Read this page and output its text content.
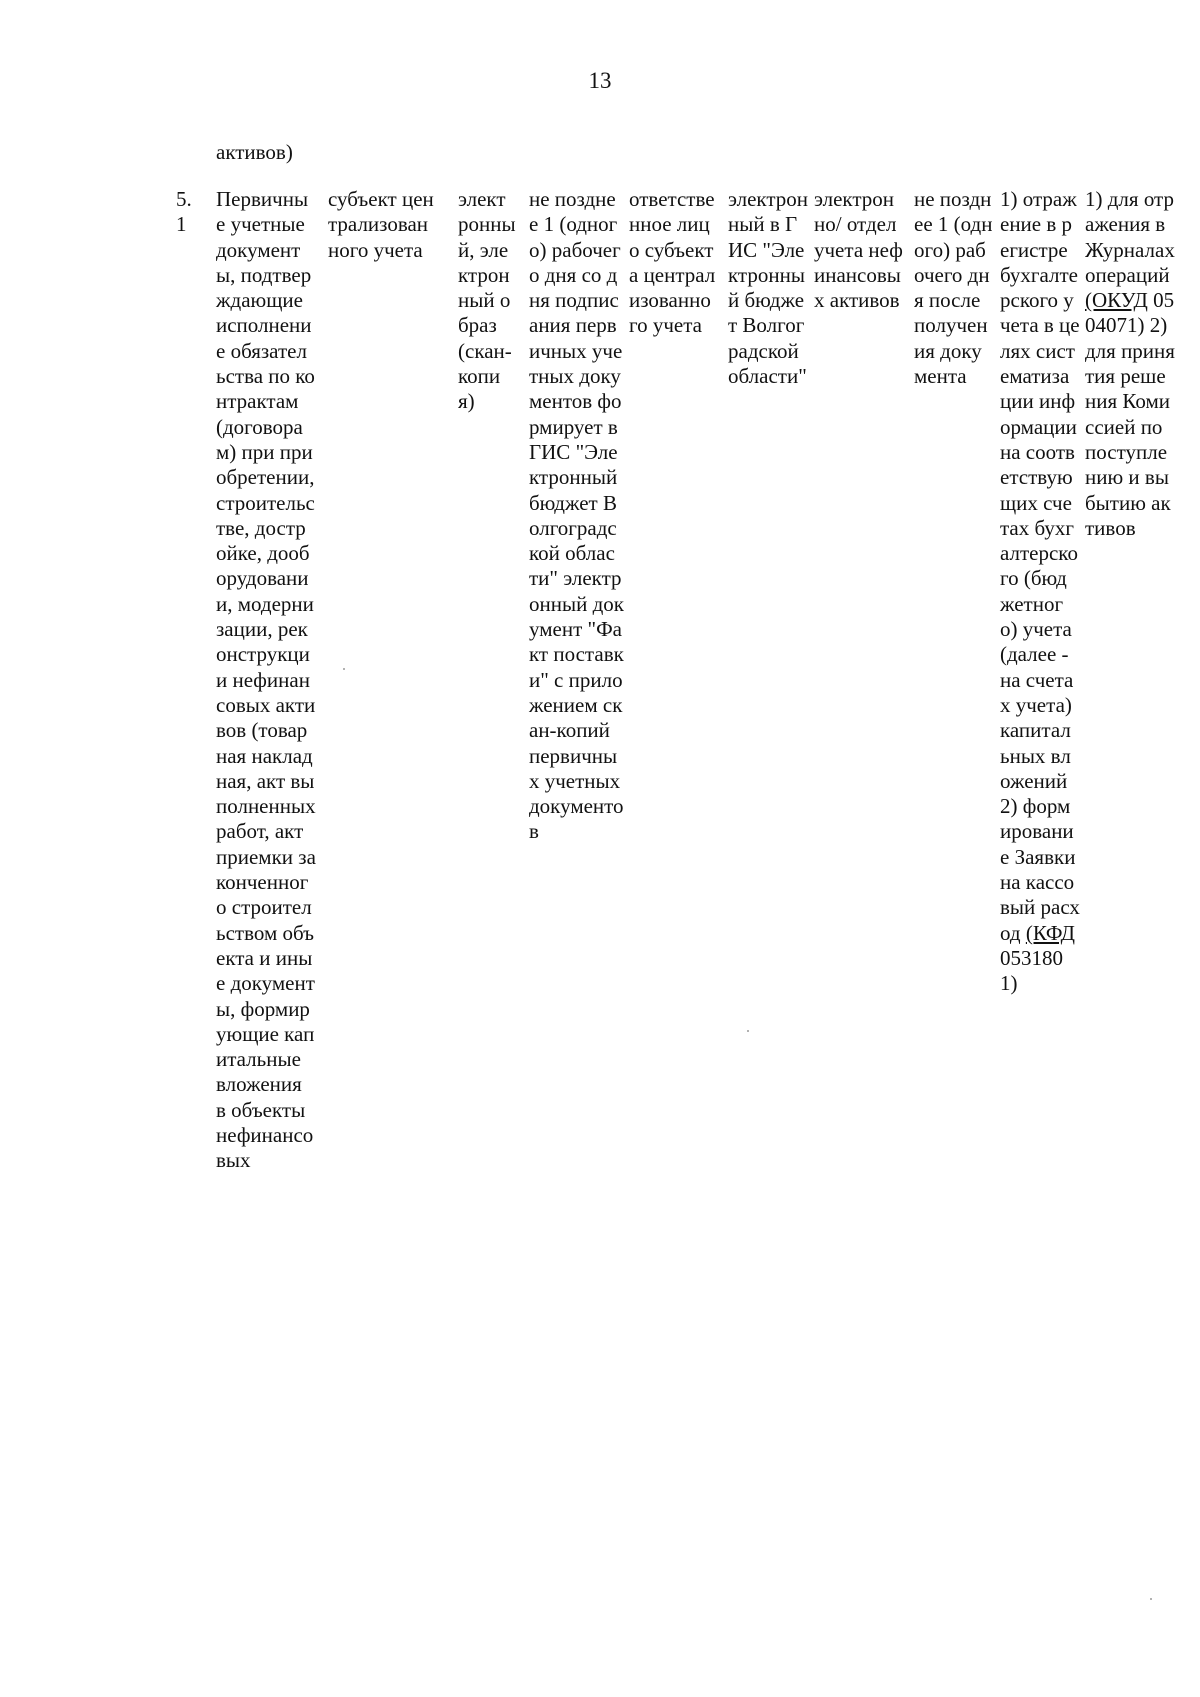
13
активов)
5.1
Первичные учетные документы, подтверждающие исполнение обязательства по контрактам (договорам) при приобретении, строительстве, достройке, дооборудовании, модернизации, реконструкции нефинансовых активов (товарная накладная, акт выполненных работ, акт приемки законченного строительством объекта и иные документы, формирующие капитальные вложения в объекты нефинансовых
субъект централизованного учета
электронный, электронный образ (скан-копия)
не позднее 1 (одного) рабочего дня со дня подписания первичных учетных документов формирует в ГИС "Электронный бюджет Волгоградской области" электронный документ "Факт поставки" с приложением скан-копий первичных учетных документов
ответственное лицо субъекта централизованного учета
электронный в ГИС "Электронный бюджет Волгоградской области"
электронно/ отдел учета нефинансовых активов
не позднее 1 (одного) рабочего дня после получения документа
1) отражение в регистре бухгалтерского учета в целях систематизации информации на соответствующих счетах бухгалтерского (бюджетного) учета (далее - на счетах учета) капитальных вложений 2) формирование Заявки на кассовый расход (КФД 0531801)
1) для отражения в Журналах операций (ОКУД 0504071) 2) для принятия решения Комиссией по поступлению и выбытию активов
